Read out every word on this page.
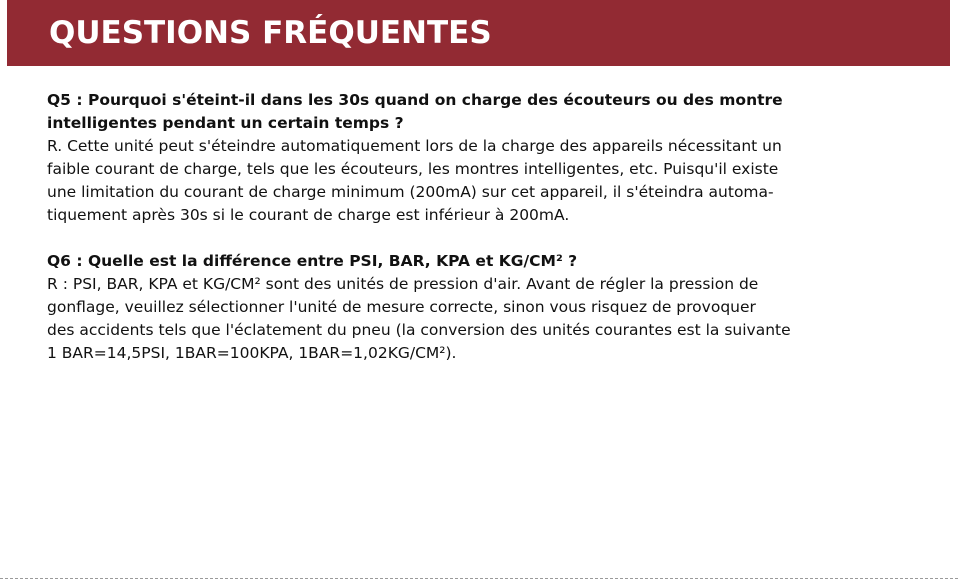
QUESTIONS FRÉQUENTES

Q5 : Pourquoi s'éteint-il dans les 30s quand on charge des écouteurs ou des montre
intelligentes pendant un certain temps ?

R. Cette unité peut s'éteindre automatiquement lors de la charge des appareils nécessitant un
faible courant de charge, tels que les écouteurs, les montres intelligentes, etc. Puisqu'il existe
une limitation du courant de charge minimum (200mA) sur cet appareil, il s'éteindra automa-
tiquement après 30s si le courant de charge est inférieur à 200mA.

Q6 : Quelle est la différence entre PSI, BAR, KPA et KG/CM² ?

R : PSI, BAR, KPA et KG/CM² sont des unités de pression d'air. Avant de régler la pression de
gonflage, veuillez sélectionner l'unité de mesure correcte, sinon vous risquez de provoquer
des accidents tels que l'éclatement du pneu (la conversion des unités courantes est la suivante
1 BAR=14,5PSI, 1BAR=100KPA, 1BAR=1,02KG/CM²).
